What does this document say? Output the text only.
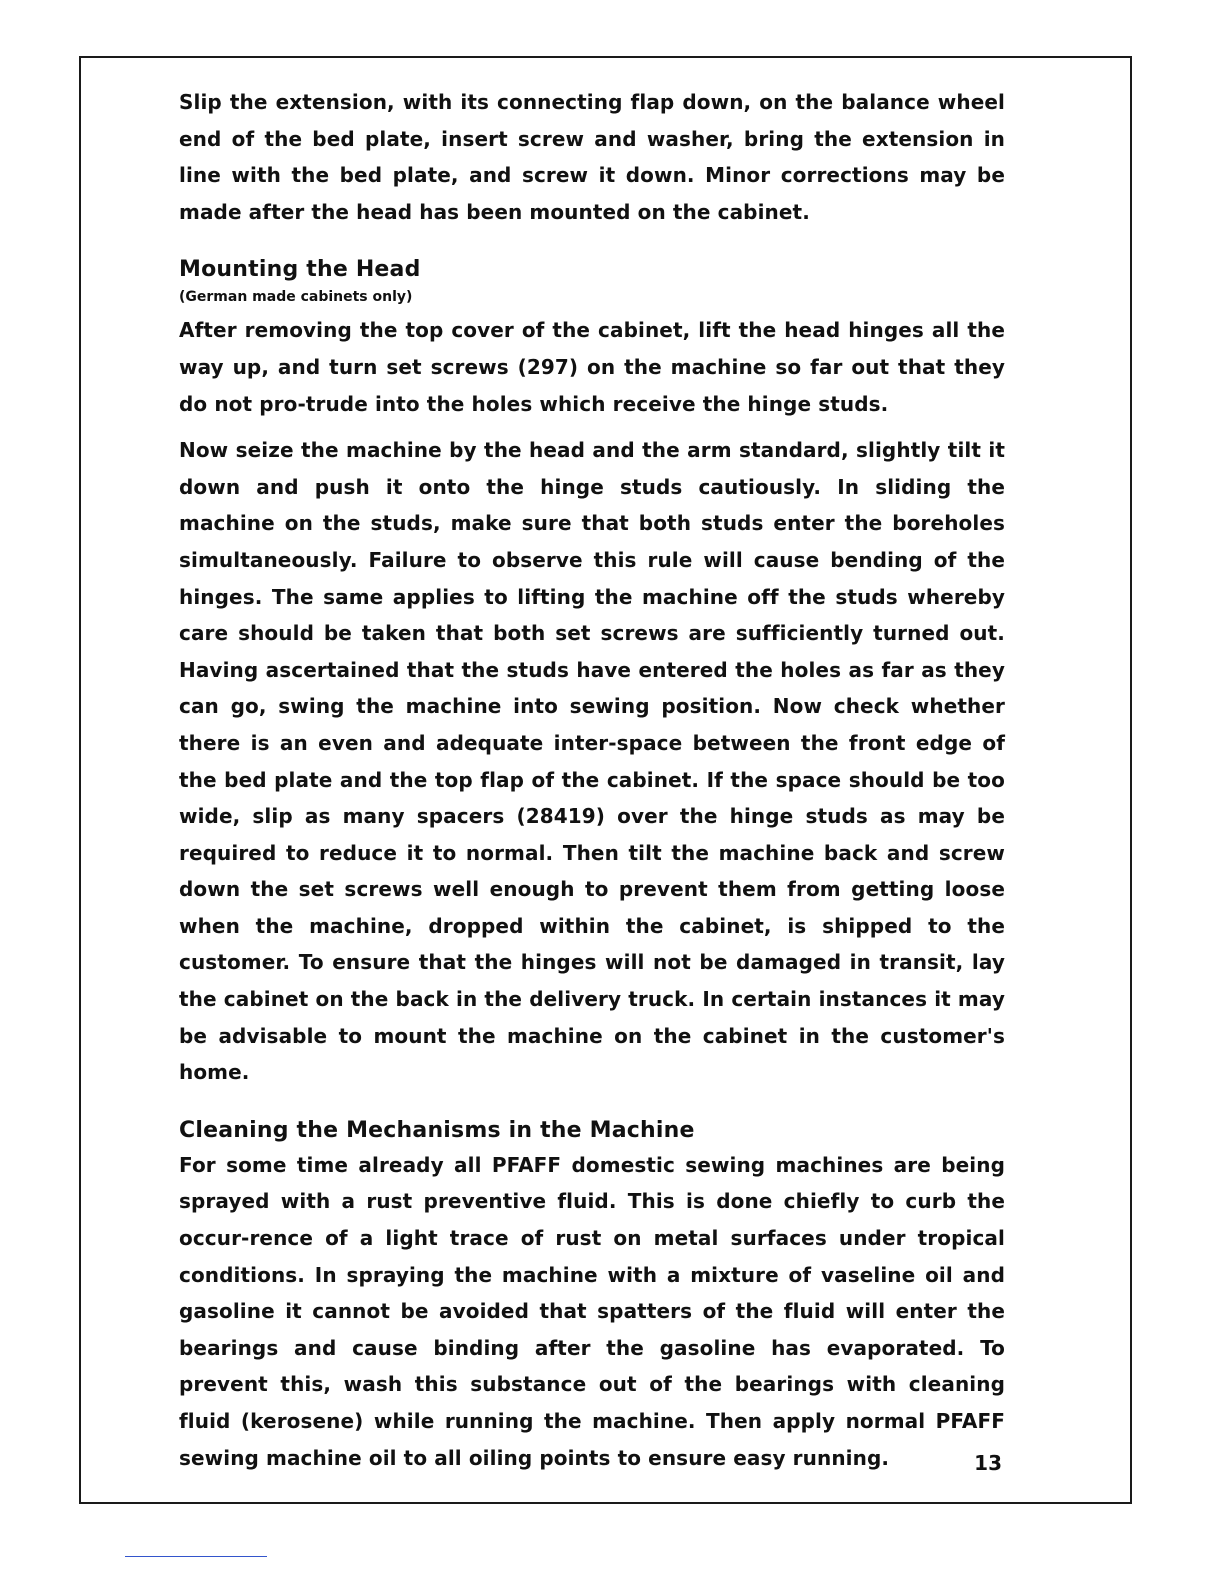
Slip the extension, with its connecting flap down, on the balance wheel end of the bed plate, insert screw and washer, bring the extension in line with the bed plate, and screw it down. Minor corrections may be made after the head has been mounted on the cabinet.

Mounting the Head
(German made cabinets only)

After removing the top cover of the cabinet, lift the head hinges all the way up, and turn set screws (297) on the machine so far out that they do not pro-trude into the holes which receive the hinge studs.

Now seize the machine by the head and the arm standard, slightly tilt it down and push it onto the hinge studs cautiously. In sliding the machine on the studs, make sure that both studs enter the boreholes simultaneously. Failure to observe this rule will cause bending of the hinges. The same applies to lifting the machine off the studs whereby care should be taken that both set screws are sufficiently turned out. Having ascertained that the studs have entered the holes as far as they can go, swing the machine into sewing position. Now check whether there is an even and adequate inter-space between the front edge of the bed plate and the top flap of the cabinet. If the space should be too wide, slip as many spacers (28419) over the hinge studs as may be required to reduce it to normal. Then tilt the machine back and screw down the set screws well enough to prevent them from getting loose when the machine, dropped within the cabinet, is shipped to the customer. To ensure that the hinges will not be damaged in transit, lay the cabinet on the back in the delivery truck. In certain instances it may be advisable to mount the machine on the cabinet in the customer's home.

Cleaning the Mechanisms in the Machine

For some time already all PFAFF domestic sewing machines are being sprayed with a rust preventive fluid. This is done chiefly to curb the occur-rence of a light trace of rust on metal surfaces under tropical conditions. In spraying the machine with a mixture of vaseline oil and gasoline it cannot be avoided that spatters of the fluid will enter the bearings and cause binding after the gasoline has evaporated. To prevent this, wash this substance out of the bearings with cleaning fluid (kerosene) while running the machine. Then apply normal PFAFF sewing machine oil to all oiling points to ensure easy running.	13
